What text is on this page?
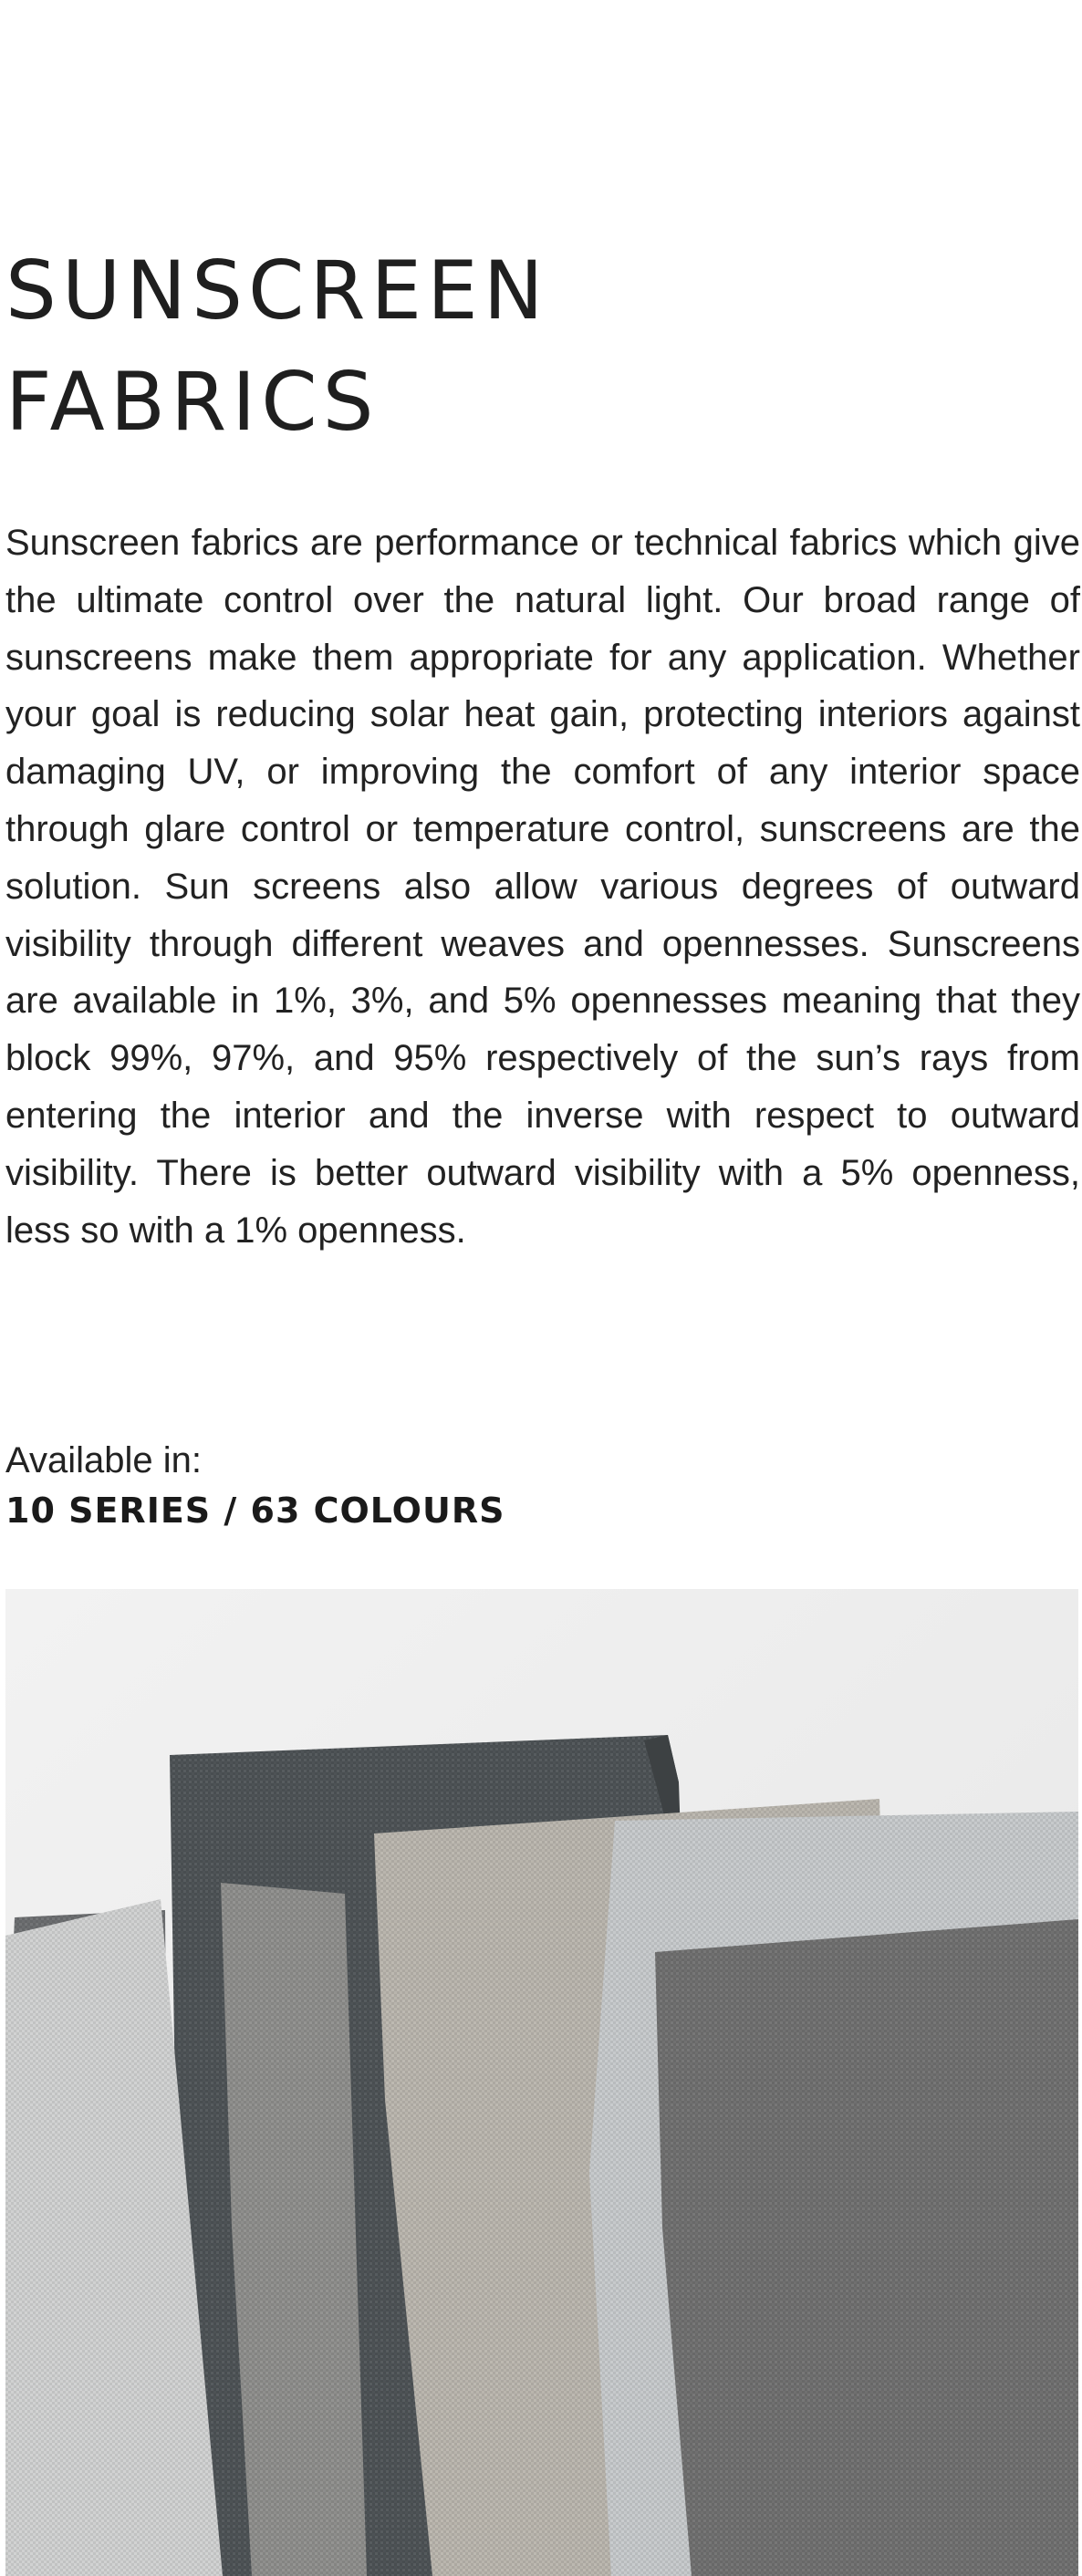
SUNSCREEN
FABRICS

Sunscreen fabrics are performance or technical fabrics which give the ultimate control over the natural light. Our broad range of sunscreens make them appropriate for any application. Whether your goal is reducing solar heat gain, protecting interiors against damaging UV, or improving the comfort of any interior space through glare control or temperature control, sunscreens are the solution. Sun screens also allow various degrees of outward visibility through different weaves and opennesses. Sunscreens are available in 1%, 3%, and 5% opennesses meaning that they block 99%, 97%, and 95% respectively of the sun’s rays from entering the interior and the inverse with respect to outward visibility. There is better outward visibility with a 5% openness, less so with a 1% openness.

Available in:

10 SERIES / 63 COLOURS
